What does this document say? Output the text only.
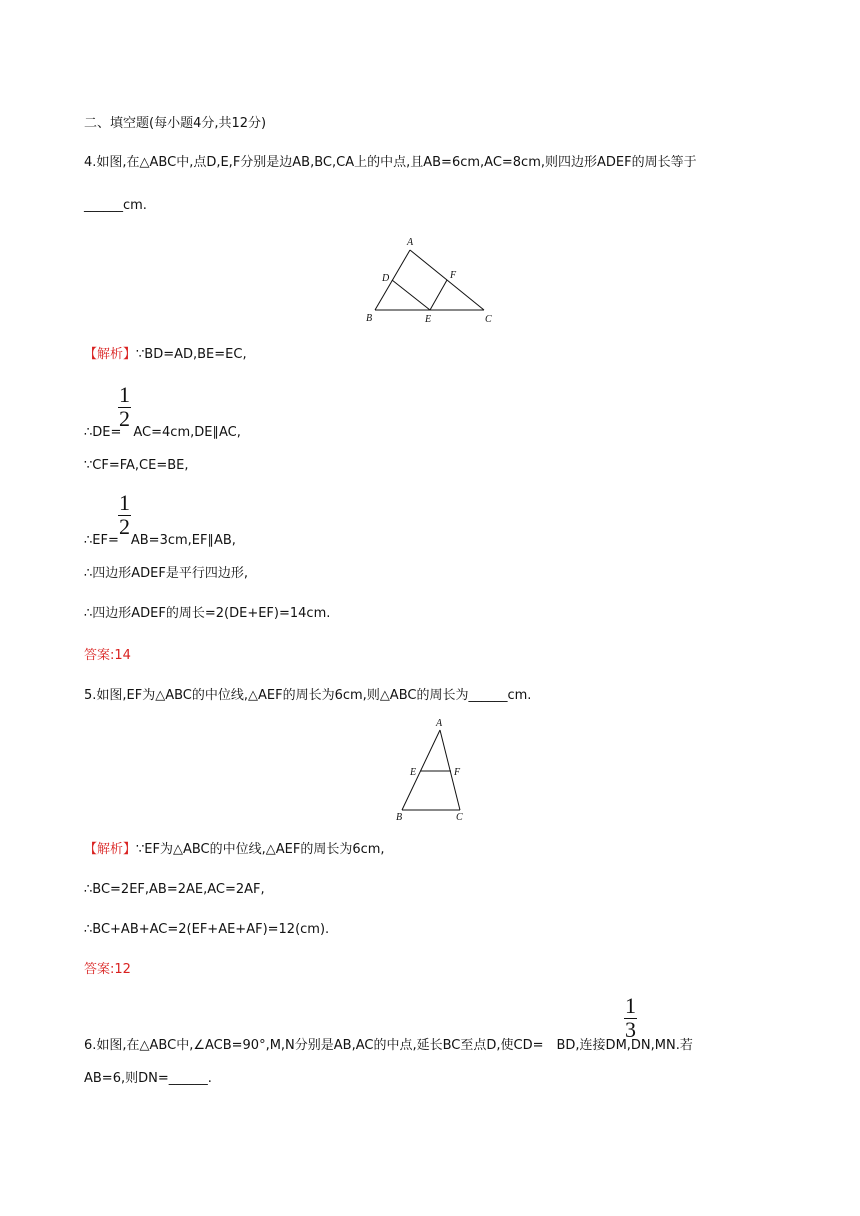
二、填空题(每小题4分,共12分)
4.如图,在△ABC中,点D,E,F分别是边AB,BC,CA上的中点,且AB=6cm,AC=8cm,则四边形ADEF的周长等于
______cm.
A
D	F
B	E	C
【解析】∵BD=AD,BE=EC,
1
2
∴DE= AC=4cm,DE∥AC,
∵CF=FA,CE=BE,
1
2
∴EF= AB=3cm,EF∥AB,
∴四边形ADEF是平行四边形,
∴四边形ADEF的周长=2(DE+EF)=14cm.
答案:14
5.如图,EF为△ABC的中位线,△AEF的周长为6cm,则△ABC的周长为______cm.
A
E	F
B	C
【解析】∵EF为△ABC的中位线,△AEF的周长为6cm,
∴BC=2EF,AB=2AE,AC=2AF,
∴BC+AB+AC=2(EF+AE+AF)=12(cm).
答案:12
1
3
6.如图,在△ABC中,∠ACB=90°,M,N分别是AB,AC的中点,延长BC至点D,使CD= BD,连接DM,DN,MN.若
AB=6,则DN=______.
